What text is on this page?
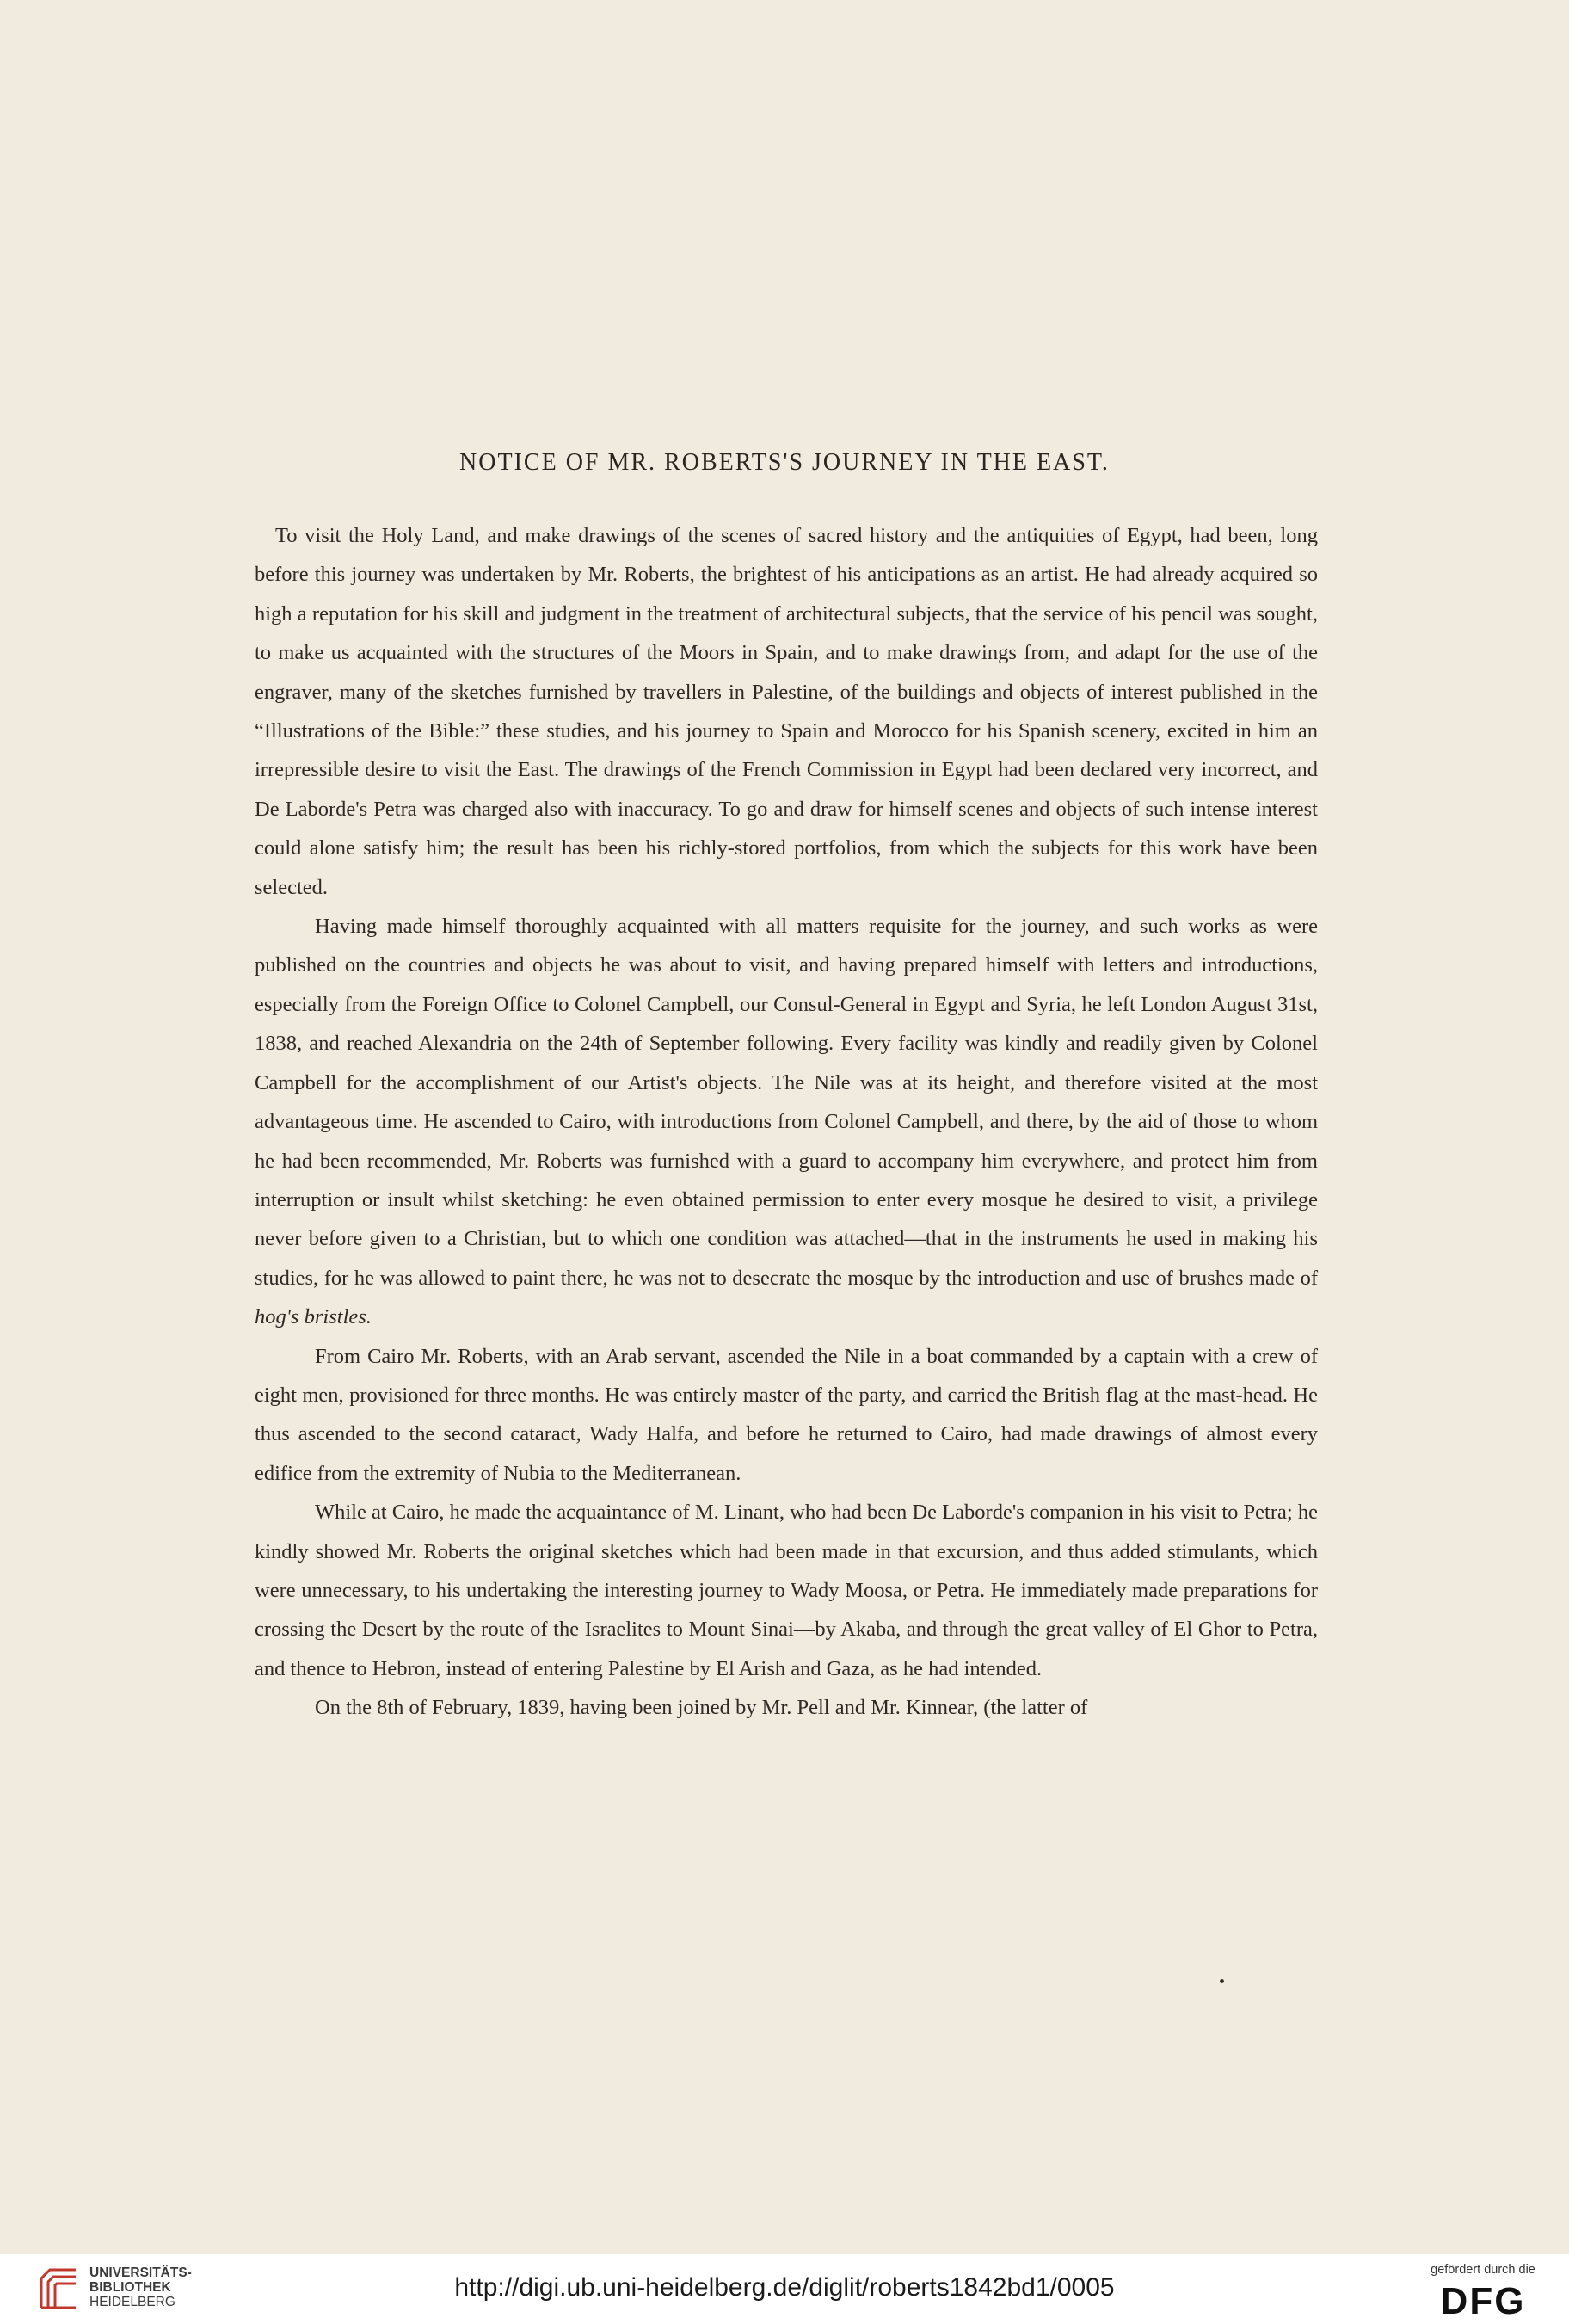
NOTICE OF MR. ROBERTS'S JOURNEY IN THE EAST.

To visit the Holy Land, and make drawings of the scenes of sacred history and the antiquities of Egypt, had been, long before this journey was undertaken by Mr. Roberts, the brightest of his anticipations as an artist. He had already acquired so high a reputation for his skill and judgment in the treatment of architectural subjects, that the service of his pencil was sought, to make us acquainted with the structures of the Moors in Spain, and to make drawings from, and adapt for the use of the engraver, many of the sketches furnished by travellers in Palestine, of the buildings and objects of interest published in the “Illustrations of the Bible:” these studies, and his journey to Spain and Morocco for his Spanish scenery, excited in him an irrepressible desire to visit the East. The drawings of the French Commission in Egypt had been declared very incorrect, and De Laborde's Petra was charged also with inaccuracy. To go and draw for himself scenes and objects of such intense interest could alone satisfy him; the result has been his richly-stored portfolios, from which the subjects for this work have been selected.

Having made himself thoroughly acquainted with all matters requisite for the journey, and such works as were published on the countries and objects he was about to visit, and having prepared himself with letters and introductions, especially from the Foreign Office to Colonel Campbell, our Consul-General in Egypt and Syria, he left London August 31st, 1838, and reached Alexandria on the 24th of September following. Every facility was kindly and readily given by Colonel Campbell for the accomplishment of our Artist's objects. The Nile was at its height, and therefore visited at the most advantageous time. He ascended to Cairo, with introductions from Colonel Campbell, and there, by the aid of those to whom he had been recommended, Mr. Roberts was furnished with a guard to accompany him everywhere, and protect him from interruption or insult whilst sketching: he even obtained permission to enter every mosque he desired to visit, a privilege never before given to a Christian, but to which one condition was attached—that in the instruments he used in making his studies, for he was allowed to paint there, he was not to desecrate the mosque by the introduction and use of brushes made of hog's bristles.

From Cairo Mr. Roberts, with an Arab servant, ascended the Nile in a boat commanded by a captain with a crew of eight men, provisioned for three months. He was entirely master of the party, and carried the British flag at the mast-head. He thus ascended to the second cataract, Wady Halfa, and before he returned to Cairo, had made drawings of almost every edifice from the extremity of Nubia to the Mediterranean.

While at Cairo, he made the acquaintance of M. Linant, who had been De Laborde's companion in his visit to Petra; he kindly showed Mr. Roberts the original sketches which had been made in that excursion, and thus added stimulants, which were unnecessary, to his undertaking the interesting journey to Wady Moosa, or Petra. He immediately made preparations for crossing the Desert by the route of the Israelites to Mount Sinai—by Akaba, and through the great valley of El Ghor to Petra, and thence to Hebron, instead of entering Palestine by El Arish and Gaza, as he had intended.

On the 8th of February, 1839, having been joined by Mr. Pell and Mr. Kinnear, (the latter of

UNIVERSITÄTS-
BIBLIOTHEK
HEIDELBERG
http://digi.ub.uni-heidelberg.de/diglit/roberts1842bd1/0005
gefördert durch die
DFG
